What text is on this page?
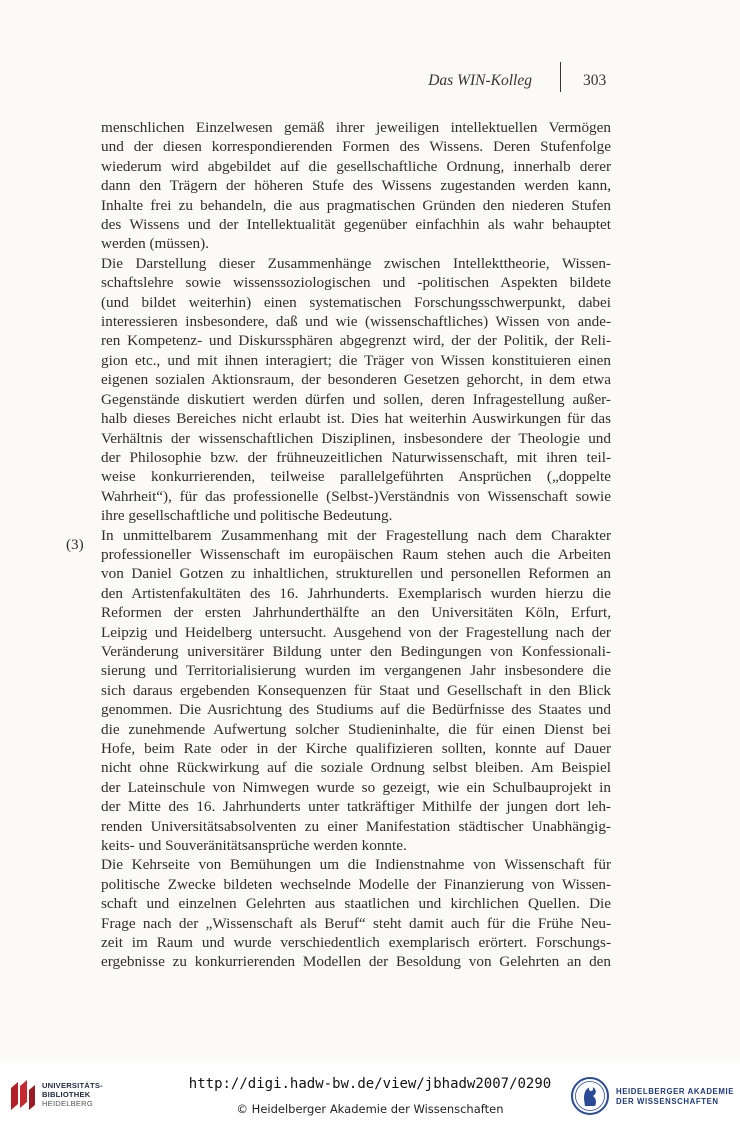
Das WIN-Kolleg	303
(3)
menschlichen Einzelwesen gemäß ihrer jeweiligen intellektuellen Vermögen
und der diesen korrespondierenden Formen des Wissens. Deren Stufenfolge
wiederum wird abgebildet auf die gesellschaftliche Ordnung, innerhalb derer
dann den Trägern der höheren Stufe des Wissens zugestanden werden kann,
Inhalte frei zu behandeln, die aus pragmatischen Gründen den niederen Stufen
des Wissens und der Intellektualität gegenüber einfachhin als wahr behauptet
werden (müssen).
Die Darstellung dieser Zusammenhänge zwischen Intellekttheorie, Wissen-
schaftslehre sowie wissenssoziologischen und -politischen Aspekten bildete
(und bildet weiterhin) einen systematischen Forschungsschwerpunkt, dabei
interessieren insbesondere, daß und wie (wissenschaftliches) Wissen von ande-
ren Kompetenz- und Diskurssphären abgegrenzt wird, der der Politik, der Reli-
gion etc., und mit ihnen interagiert; die Träger von Wissen konstituieren einen
eigenen sozialen Aktionsraum, der besonderen Gesetzen gehorcht, in dem etwa
Gegenstände diskutiert werden dürfen und sollen, deren Infragestellung außer-
halb dieses Bereiches nicht erlaubt ist. Dies hat weiterhin Auswirkungen für das
Verhältnis der wissenschaftlichen Disziplinen, insbesondere der Theologie und
der Philosophie bzw. der frühneuzeitlichen Naturwissenschaft, mit ihren teil-
weise konkurrierenden, teilweise parallelgeführten Ansprüchen („doppelte
Wahrheit“), für das professionelle (Selbst-)Verständnis von Wissenschaft sowie
ihre gesellschaftliche und politische Bedeutung.
In unmittelbarem Zusammenhang mit der Fragestellung nach dem Charakter
professioneller Wissenschaft im europäischen Raum stehen auch die Arbeiten
von Daniel Gotzen zu inhaltlichen, strukturellen und personellen Reformen an
den Artistenfakultäten des 16. Jahrhunderts. Exemplarisch wurden hierzu die
Reformen der ersten Jahrhunderthälfte an den Universitäten Köln, Erfurt,
Leipzig und Heidelberg untersucht. Ausgehend von der Fragestellung nach der
Veränderung universitärer Bildung unter den Bedingungen von Konfessionali-
sierung und Territorialisierung wurden im vergangenen Jahr insbesondere die
sich daraus ergebenden Konsequenzen für Staat und Gesellschaft in den Blick
genommen. Die Ausrichtung des Studiums auf die Bedürfnisse des Staates und
die zunehmende Aufwertung solcher Studieninhalte, die für einen Dienst bei
Hofe, beim Rate oder in der Kirche qualifizieren sollten, konnte auf Dauer
nicht ohne Rückwirkung auf die soziale Ordnung selbst bleiben. Am Beispiel
der Lateinschule von Nimwegen wurde so gezeigt, wie ein Schulbauprojekt in
der Mitte des 16. Jahrhunderts unter tatkräftiger Mithilfe der jungen dort leh-
renden Universitätsabsolventen zu einer Manifestation städtischer Unabhängig-
keits- und Souveränitätsansprüche werden konnte.
Die Kehrseite von Bemühungen um die Indienstnahme von Wissenschaft für
politische Zwecke bildeten wechselnde Modelle der Finanzierung von Wissen-
schaft und einzelnen Gelehrten aus staatlichen und kirchlichen Quellen. Die
Frage nach der „Wissenschaft als Beruf“ steht damit auch für die Frühe Neu-
zeit im Raum und wurde verschiedentlich exemplarisch erörtert. Forschungs-
ergebnisse zu konkurrierenden Modellen der Besoldung von Gelehrten an den
UNIVERSITÄTS-
BIBLIOTHEK
HEIDELBERG
http://digi.hadw-bw.de/view/jbhadw2007/0290
© Heidelberger Akademie der Wissenschaften
HEIDELBERGER AKADEMIE
DER WISSENSCHAFTEN
